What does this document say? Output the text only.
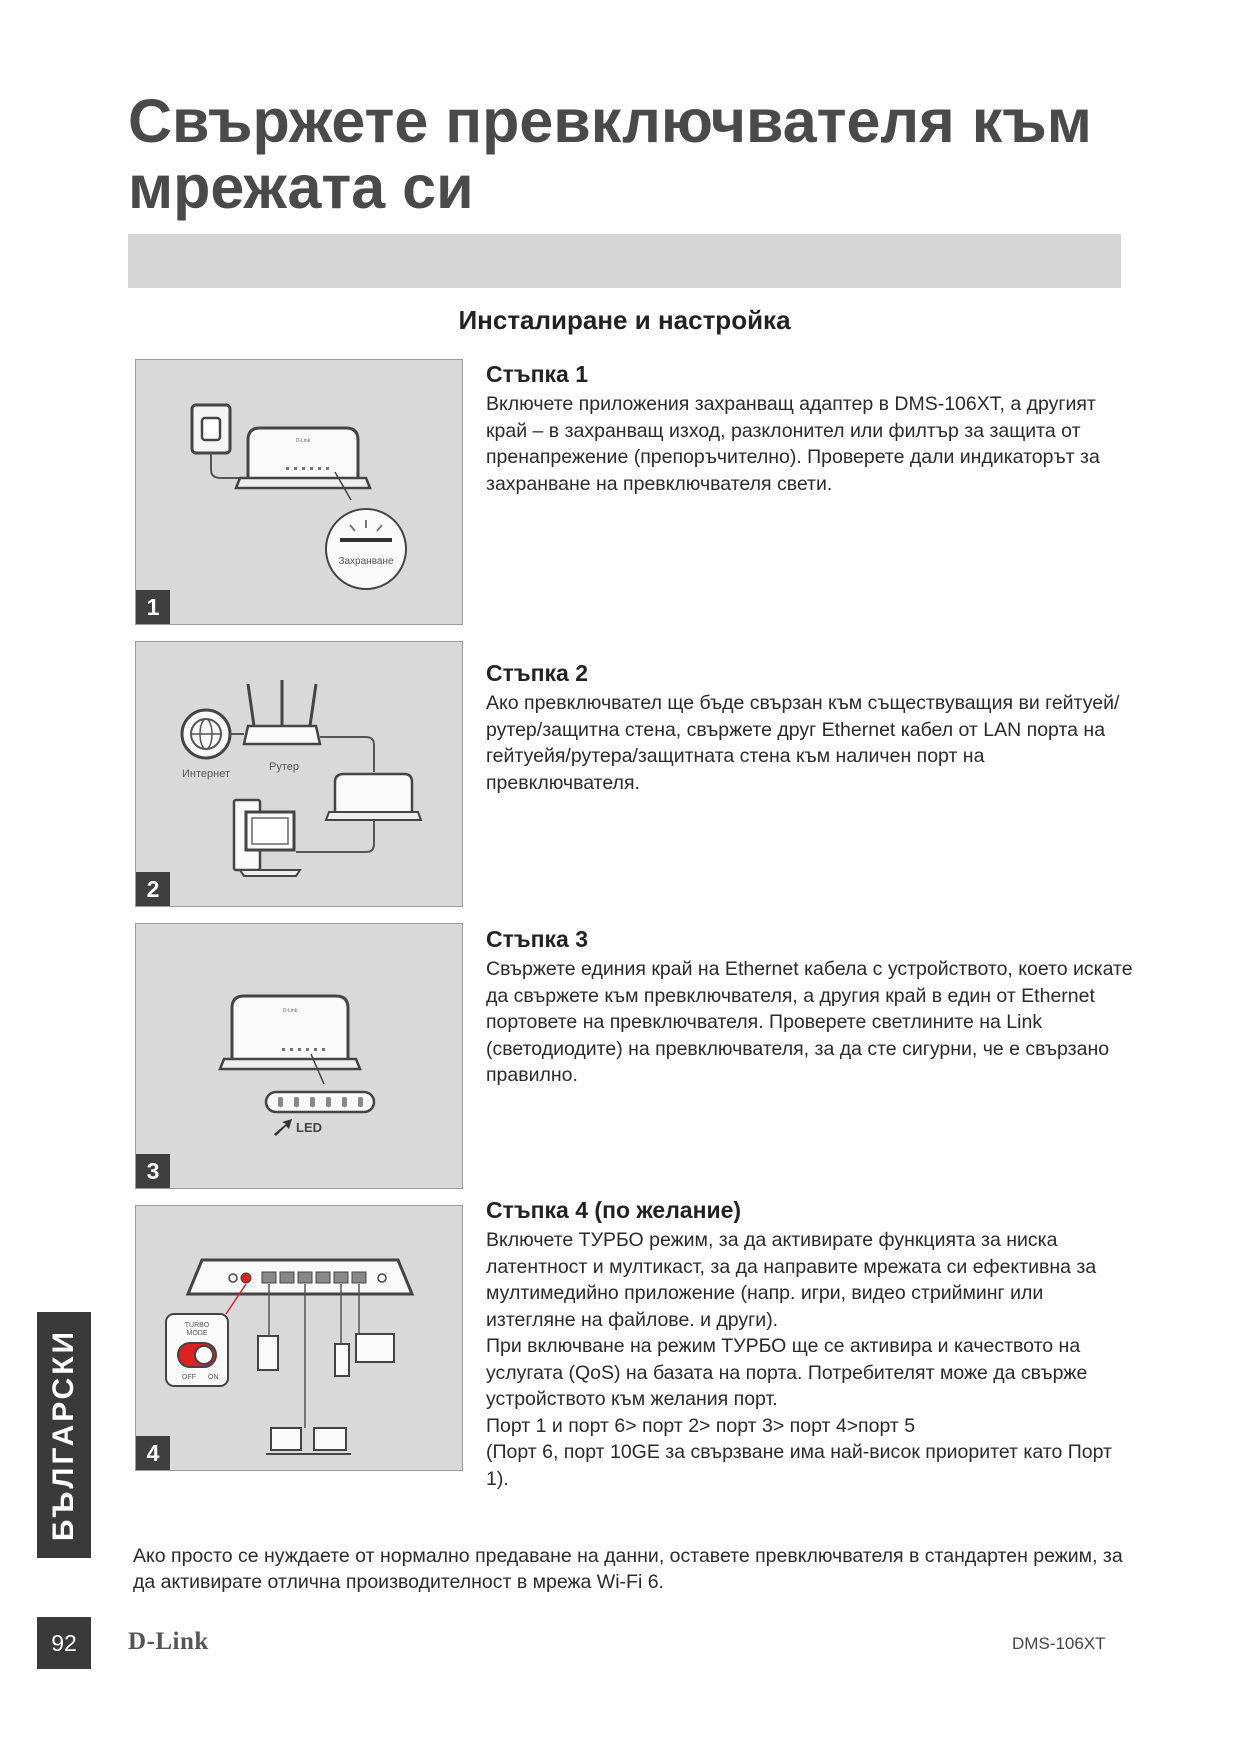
Свържете превключвателя към
мрежата си
Инсталиране и настройка
D-Link
Захранване
1
Интернет
Рутер
2
D-Link
LED
3
TURBO
MODE
OFF ON
4
Стъпка 1

Включете приложения захранващ адаптер в DMS-106XT, а другият край – в захранващ изход, разклонител или филтър за защита от пренапрежение (препоръчително). Проверете дали индикаторът за захранване на превключвателя свети.

Стъпка 2

Ако превключвател ще бъде свързан към съществуващия ви гейтуей/рутер/защитна стена, свържете друг Ethernet кабел от LAN порта на гейтуейя/рутера/защитната стена към наличен порт на превключвателя.

Стъпка 3

Свържете единия край на Ethernet кабела с устройството, което искате да свържете към превключвателя, а другия край в един от Ethernet портовете на превключвателя. Проверете светлините на Link (светодиодите) на превключвателя, за да сте сигурни, че е свързано правилно.

Стъпка 4 (по желание)

Включете ТУРБО режим, за да активирате функцията за ниска латентност и мултикаст, за да направите мрежата си ефективна за мултимедийно приложение (напр. игри, видео стрийминг или изтегляне на файлове. и други).

При включване на режим ТУРБО ще се активира и качеството на услугата (QoS) на базата на порта. Потребителят може да свърже устройството към желания порт.

Порт 1 и порт 6> порт 2> порт 3> порт 4>порт 5

(Порт 6, порт 10GE за свързване има най-висок приоритет като Порт 1).

Ако просто се нуждаете от нормално предаване на данни, оставете превключвателя в стандартен режим, за да активирате отлична производителност в мрежа Wi-Fi 6.
БЪЛГАРСКИ
92	D-Link	DMS-106XT
